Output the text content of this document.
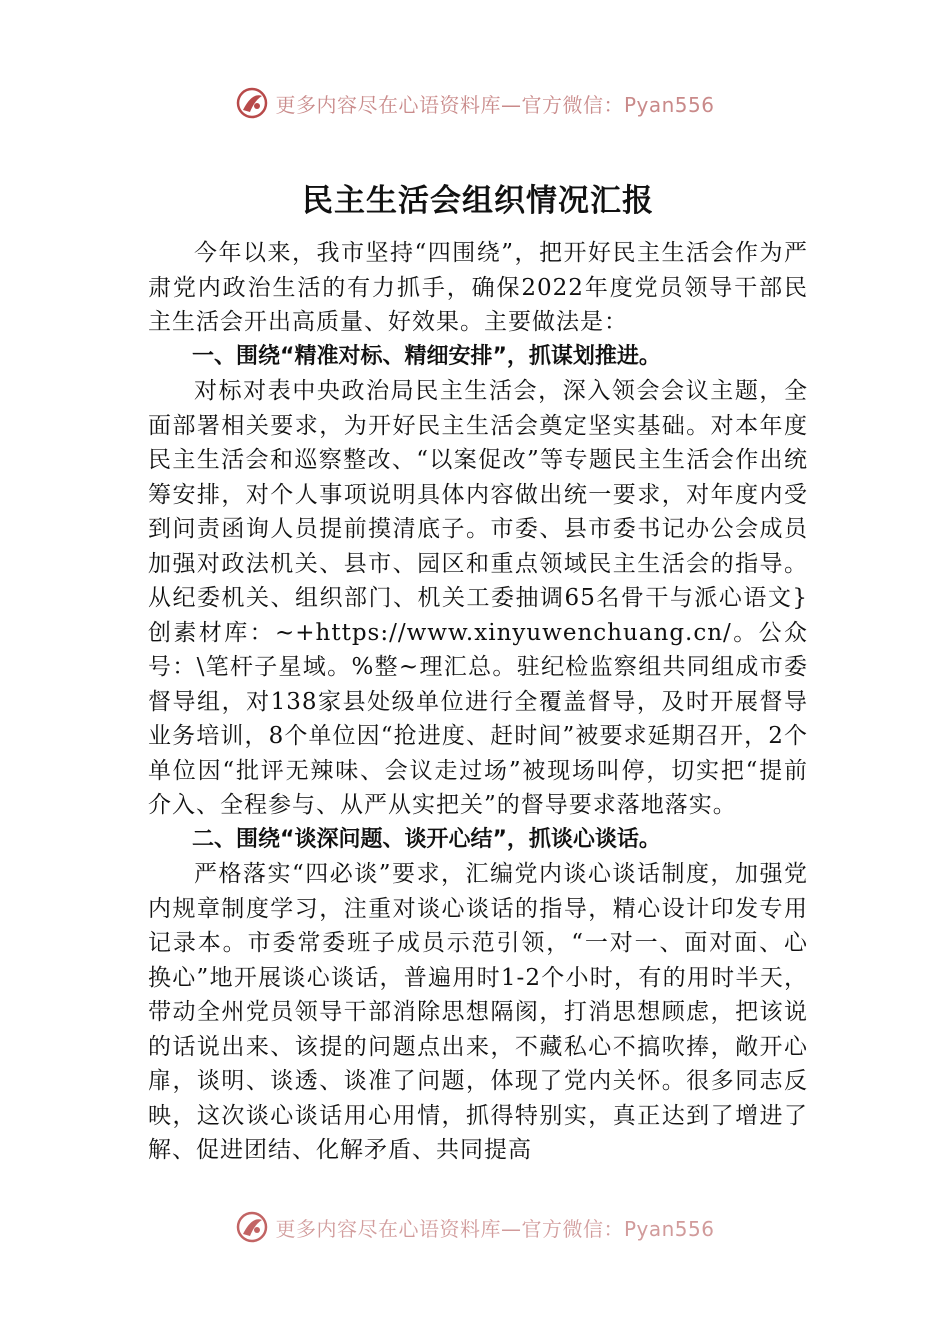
更多内容尽在心语资料库—官方微信：Pyan556
民主生活会组织情况汇报

今年以来，我市坚持“四围绕”，把开好民主生活会作为严肃党内政治生活的有力抓手，确保2022年度党员领导干部民主生活会开出高质量、好效果。主要做法是：

一、围绕“精准对标、精细安排”，抓谋划推进。

对标对表中央政治局民主生活会，深入领会会议主题，全面部署相关要求，为开好民主生活会奠定坚实基础。对本年度民主生活会和巡察整改、“以案促改”等专题民主生活会作出统筹安排，对个人事项说明具体内容做出统一要求，对年度内受到问责函询人员提前摸清底子。市委、县市委书记办公会成员加强对政法机关、县市、园区和重点领域民主生活会的指导。从纪委机关、组织部门、机关工委抽调65名骨干与派心语文}创素材库：~+https://www.xinyuwenchuang.cn/。公众号：\笔杆子星域。%整~理汇总。驻纪检监察组共同组成市委督导组，对138家县处级单位进行全覆盖督导，及时开展督导业务培训，8个单位因“抢进度、赶时间”被要求延期召开，2个单位因“批评无辣味、会议走过场”被现场叫停，切实把“提前介入、全程参与、从严从实把关”的督导要求落地落实。

二、围绕“谈深问题、谈开心结”，抓谈心谈话。

严格落实“四必谈”要求，汇编党内谈心谈话制度，加强党内规章制度学习，注重对谈心谈话的指导，精心设计印发专用记录本。市委常委班子成员示范引领，“一对一、面对面、心换心”地开展谈心谈话，普遍用时1-2个小时，有的用时半天，带动全州党员领导干部消除思想隔阂，打消思想顾虑，把该说的话说出来、该提的问题点出来，不藏私心不搞吹捧，敞开心扉，谈明、谈透、谈准了问题，体现了党内关怀。很多同志反映，这次谈心谈话用心用情，抓得特别实，真正达到了增进了解、促进团结、化解矛盾、共同提高

更多内容尽在心语资料库—官方微信：Pyan556
